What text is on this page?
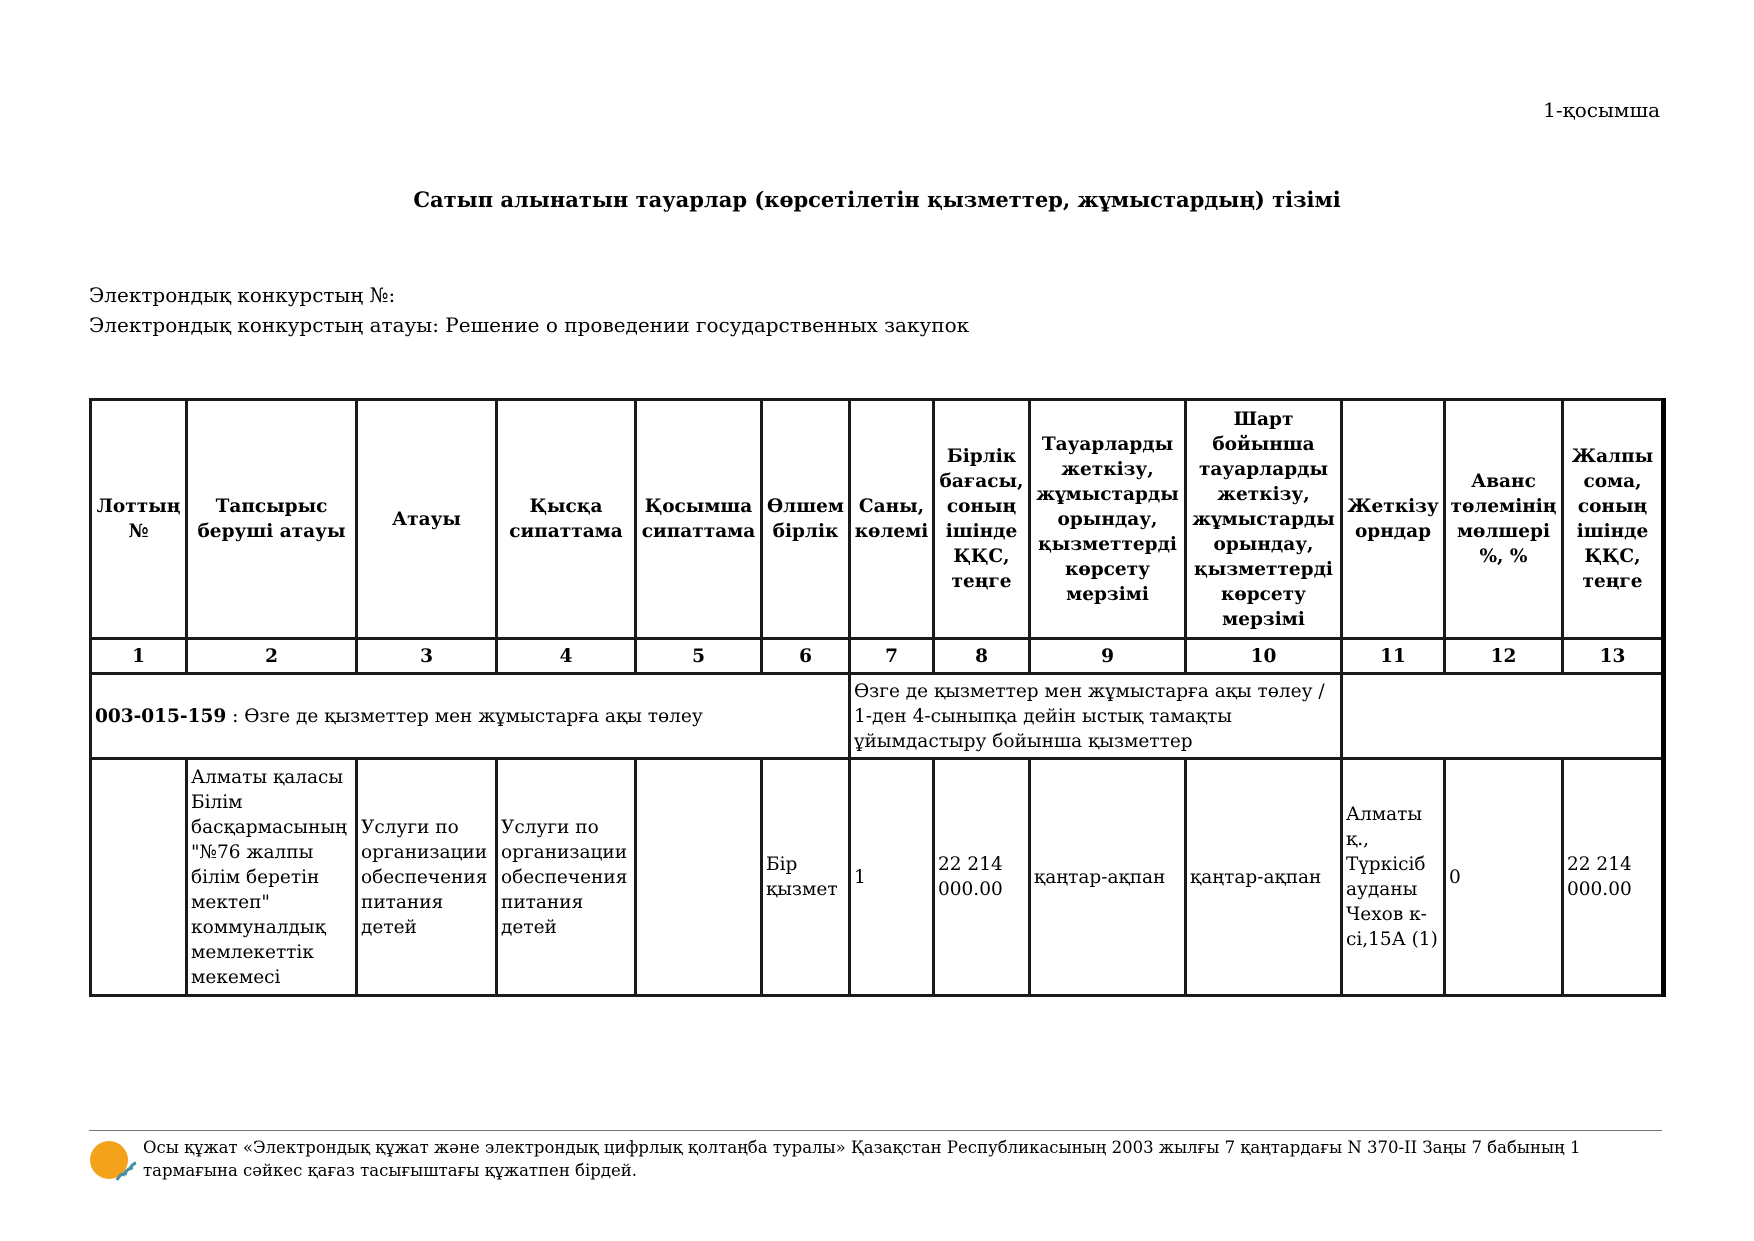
1-қосымша
Сатып алынатын тауарлар (көрсетілетін қызметтер, жұмыстардың) тізімі
Электрондық конкурстың №:
Электрондық конкурстың атауы: Решение о проведении государственных закупок
Лоттың №	Тапсырыс беруші атауы	Атауы	Қысқа сипаттама	Қосымша сипаттама	Өлшем бірлік	Саны, көлемі	Бірлік бағасы, соның ішінде ҚҚС, теңге	Тауарларды жеткізу, жұмыстарды орындау, қызметтерді көрсету мерзімі	Шарт бойынша тауарларды жеткізу, жұмыстарды орындау, қызметтерді көрсету мерзімі	Жеткізу орндар	Аванс төлемінің мөлшері %, %	Жалпы сома, соның ішінде ҚҚС, теңге
1	2	3	4	5	6	7	8	9	10	11	12	13
003-015-159 : Өзге де қызметтер мен жұмыстарға ақы төлеу						Өзге де қызметтер мен жұмыстарға ақы төлеу / 1-ден 4-сыныпқа дейін ыстық тамақты ұйымдастыру бойынша қызметтер						
	Алматы қаласы Білім басқармасының "№76 жалпы білім беретін мектеп" коммуналдық мемлекеттік мекемесі	Услуги по организации обеспечения питания детей	Услуги по организации обеспечения питания детей		Бір қызмет	1	22 214 000.00	қаңтар-ақпан	қаңтар-ақпан	Алматы қ., Түркісіб ауданы Чехов к-сі,15А (1)	0	22 214 000.00
Осы құжат «Электрондық құжат және электрондық цифрлық қолтаңба туралы» Қазақстан Республикасының 2003 жылғы 7 қаңтардағы N 370-II Заңы 7 бабының 1 тармағына сәйкес қағаз тасығыштағы құжатпен бірдей.
